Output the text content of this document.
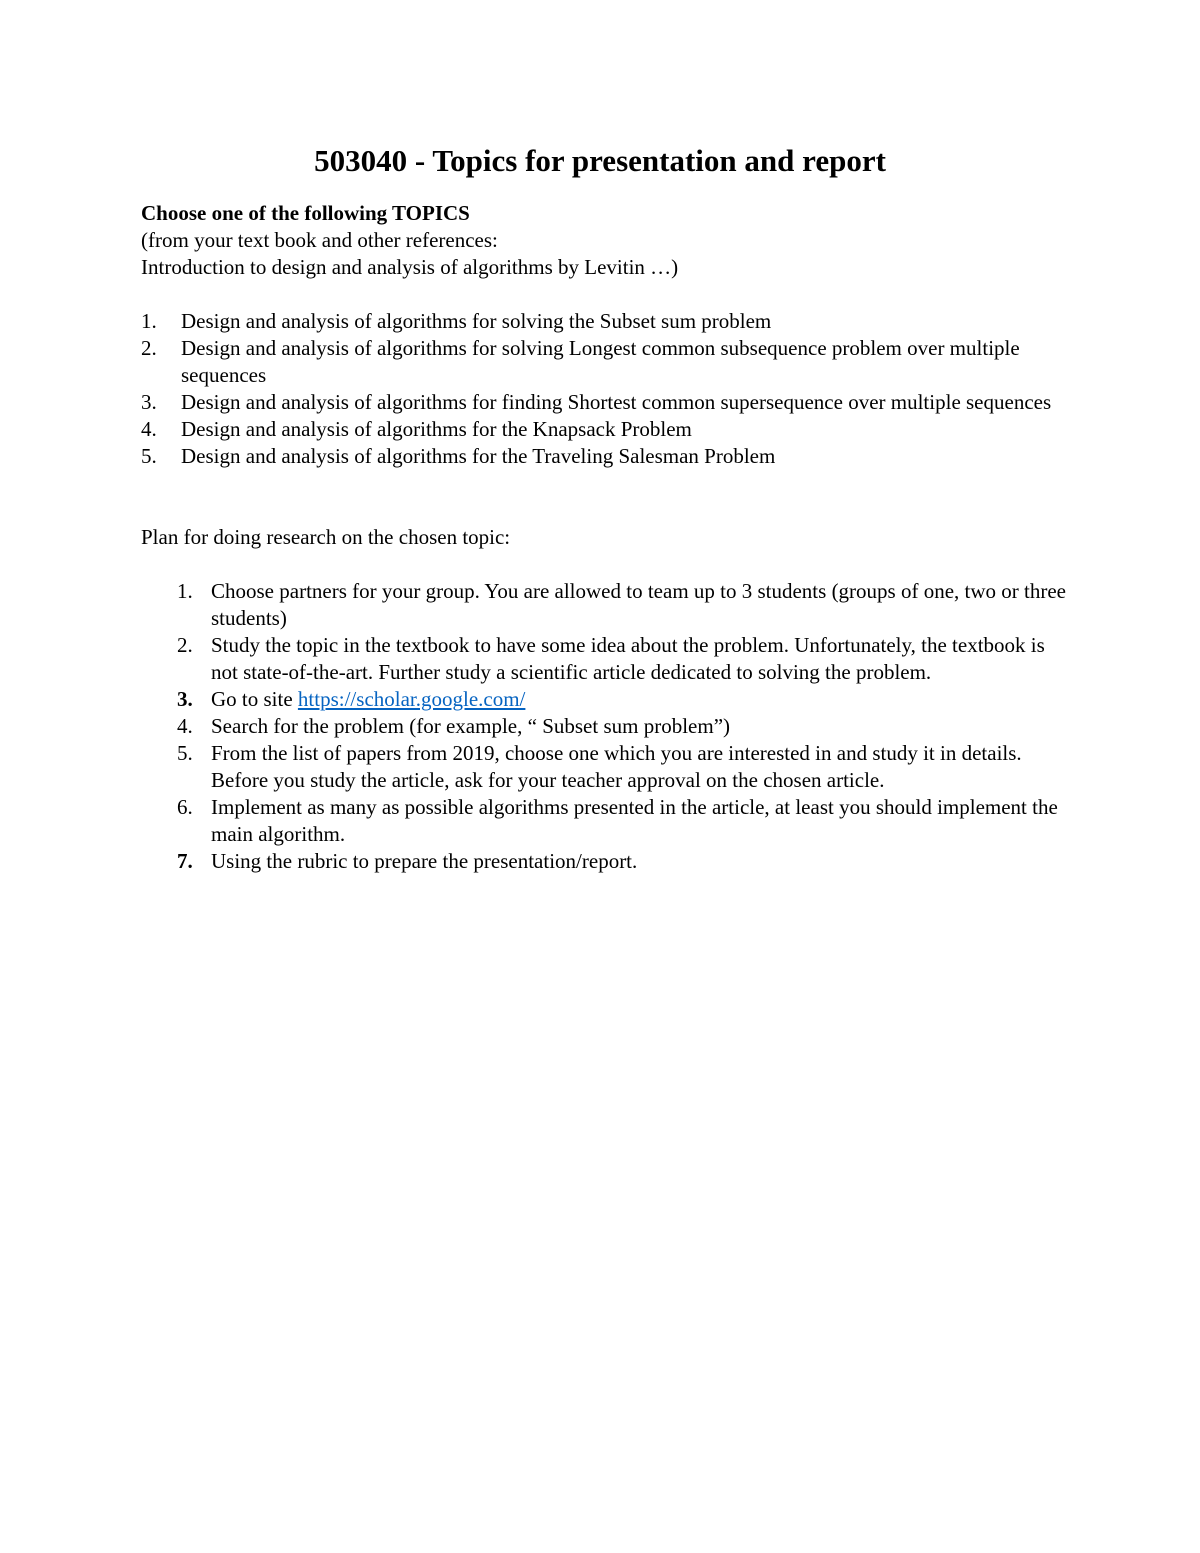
503040 - Topics for presentation and report

Choose one of the following TOPICS

(from your text book and other references:

Introduction to design and analysis of algorithms by Levitin …)

1. Design and analysis of algorithms for solving the Subset sum problem

2. Design and analysis of algorithms for solving Longest common subsequence problem over multiple sequences

3. Design and analysis of algorithms for finding Shortest common supersequence over multiple sequences

4. Design and analysis of algorithms for the Knapsack Problem

5. Design and analysis of algorithms for the Traveling Salesman Problem

Plan for doing research on the chosen topic:

1. Choose partners for your group. You are allowed to team up to 3 students (groups of one, two or three students)
2. Study the topic in the textbook to have some idea about the problem. Unfortunately, the textbook is not state-of-the-art. Further study a scientific article dedicated to solving the problem.
3. Go to site https://scholar.google.com/
4. Search for the problem (for example, “ Subset sum problem”)
5. From the list of papers from 2019, choose one which you are interested in and study it in details. Before you study the article, ask for your teacher approval on the chosen article.
6. Implement as many as possible algorithms presented in the article, at least you should implement the main algorithm.
7. Using the rubric to prepare the presentation/report.
